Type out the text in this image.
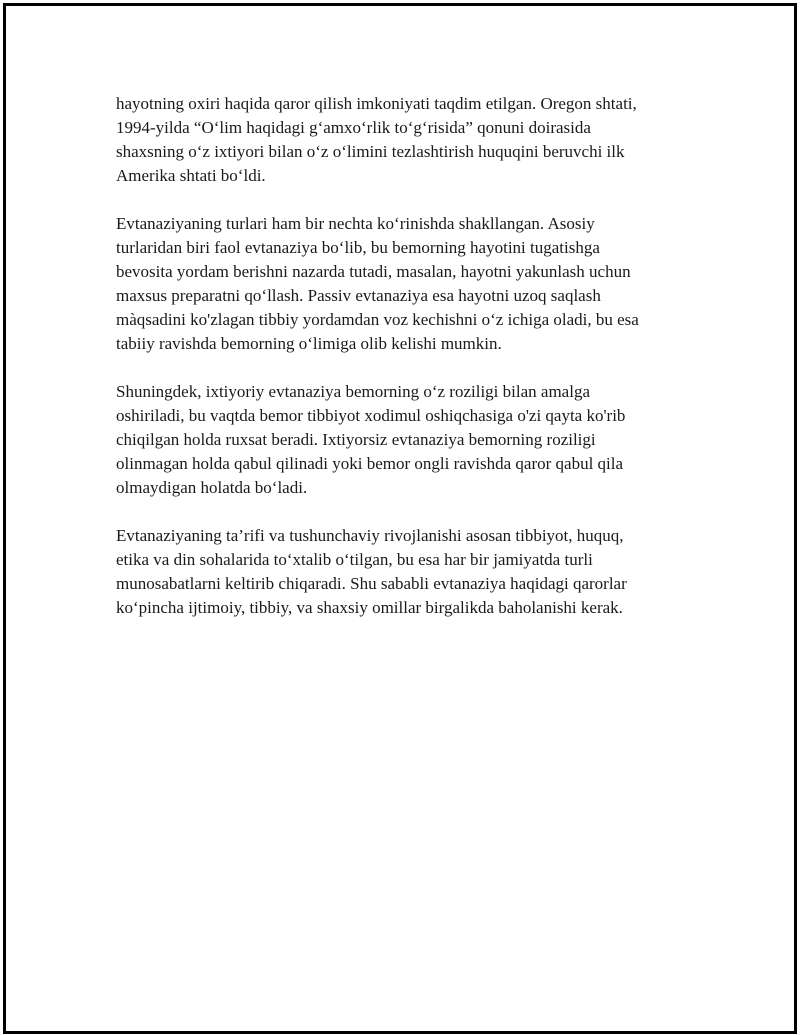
hayotning oxiri haqida qaror qilish imkoniyati taqdim etilgan. Oregon shtati,
1994-yilda “O‘lim haqidagi g‘amxo‘rlik to‘g‘risida” qonuni doirasida
shaxsning o‘z ixtiyori bilan o‘z o‘limini tezlashtirish huquqini beruvchi ilk
Amerika shtati bo‘ldi.

Evtanaziyaning turlari ham bir nechta ko‘rinishda shakllangan. Asosiy
turlaridan biri faol evtanaziya bo‘lib, bu bemorning hayotini tugatishga
bevosita yordam berishni nazarda tutadi, masalan, hayotni yakunlash uchun
maxsus preparatni qo‘llash. Passiv evtanaziya esa hayotni uzoq saqlash
màqsadini ko'zlagan tibbiy yordamdan voz kechishni o‘z ichiga oladi, bu esa
tabiiy ravishda bemorning o‘limiga olib kelishi mumkin.

Shuningdek, ixtiyoriy evtanaziya bemorning o‘z roziligi bilan amalga
oshiriladi, bu vaqtda bemor tibbiyot xodimul oshiqchasiga o'zi qayta ko'rib
chiqilgan holda ruxsat beradi. Ixtiyorsiz evtanaziya bemorning roziligi
olinmagan holda qabul qilinadi yoki bemor ongli ravishda qaror qabul qila
olmaydigan holatda bo‘ladi.

Evtanaziyaning ta’rifi va tushunchaviy rivojlanishi asosan tibbiyot, huquq,
etika va din sohalarida to‘xtalib o‘tilgan, bu esa har bir jamiyatda turli
munosabatlarni keltirib chiqaradi. Shu sababli evtanaziya haqidagi qarorlar
ko‘pincha ijtimoiy, tibbiy, va shaxsiy omillar birgalikda baholanishi kerak.
